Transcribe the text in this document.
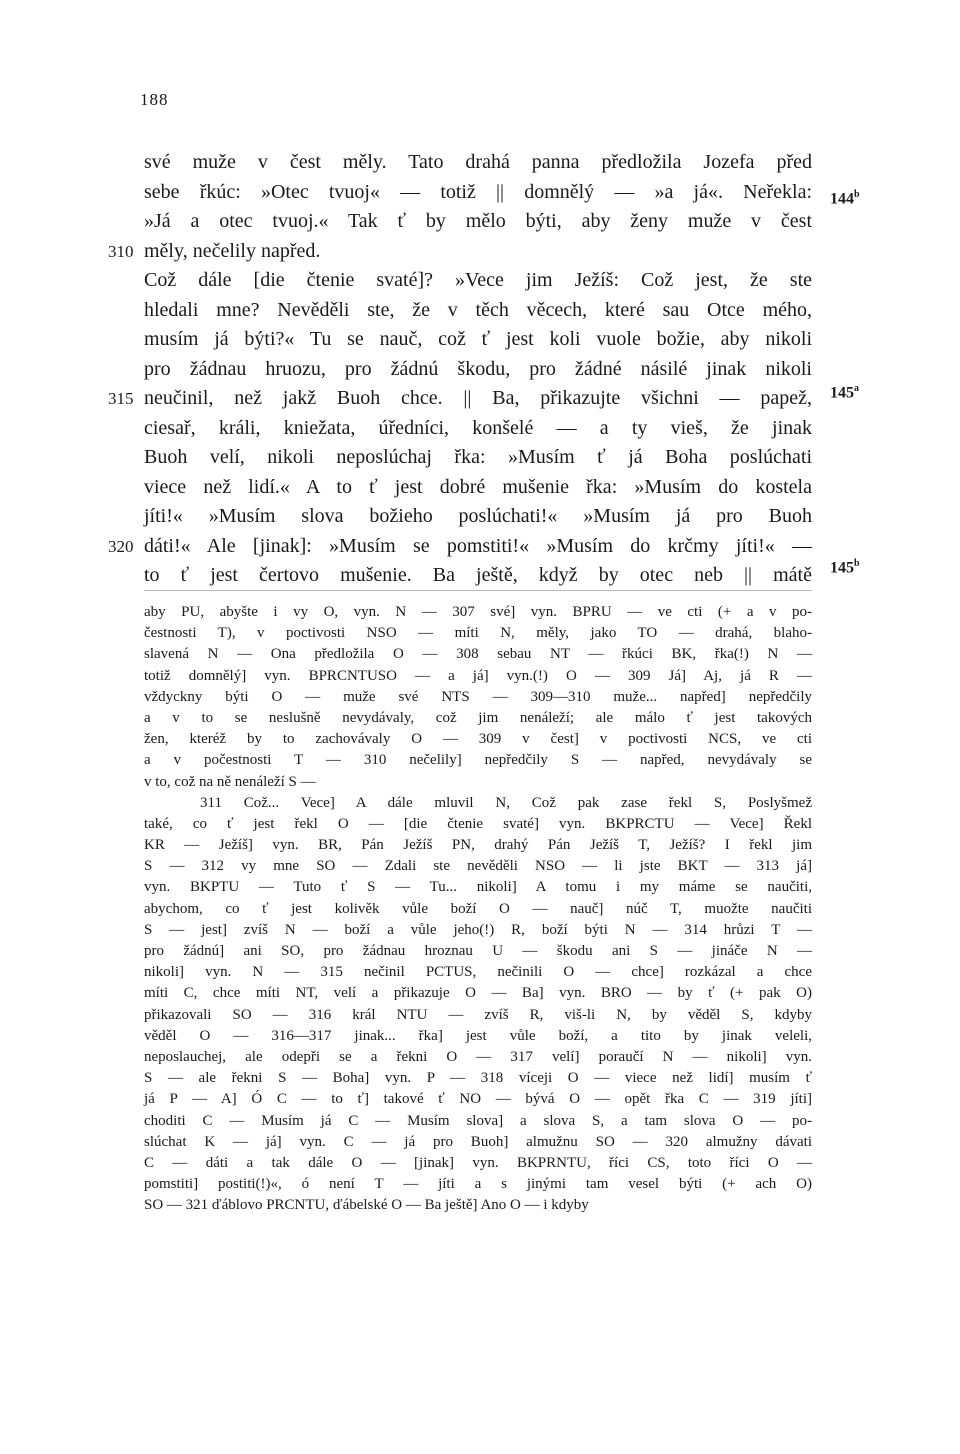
188
své muže v čest měly. Tato drahá panna předložila Jozefa před
sebe řkúc: »Otec tvuoj« — totiž || domnělý — »a já«. Neřekla:
»Já a otec tvuoj.« Tak ť by mělo býti, aby ženy muže v čest
310 měly, nečelily napřed.
Což dále [die čtenie svaté]? »Vece jim Ježíš: Což jest, že ste
hledali mne? Nevěděli ste, že v těch věcech, které sau Otce mého,
musím já býti?« Tu se nauč, což ť jest koli vuole božie, aby nikoli
pro žádnau hruozu, pro žádnú škodu, pro žádné násilé jinak nikoli
315 neučinil, než jakž Buoh chce. || Ba, přikazujte všichni — papež,
ciesař, králi, kniežata, úředníci, konšelé — a ty vieš, že jinak
Buoh velí, nikoli neposlúchaj řka: »Musím ť já Boha poslúchati
viece než lidí.« A to ť jest dobré mušenie řka: »Musím do kostela
jíti!« »Musím slova božieho poslúchati!« »Musím já pro Buoh
320 dáti!« Ale [jinak]: »Musím se pomstiti!« »Musím do krčmy jíti!« —
to ť jest čertovo mušenie. Ba ještě, když by otec neb || mátě
144$^b$
145$^a$
145$^b$
aby PU, abyšte i vy O, vyn. N — 307 své] vyn. BPRU — ve cti (+ a v po-
čestnosti T), v poctivosti NSO — míti N, měly, jako TO — drahá, blaho-
slavená N — Ona předložila O — 308 sebau NT — řkúci BK, řka(!) N —
totiž domnělý] vyn. BPRCNTUSO — a já] vyn.(!) O — 309 Já] Aj, já R —
vždyckny býti O — muže své NTS — 309—310 muže... napřed] nepředčily
a v to se neslušně nevydávaly, což jim nenáleží; ale málo ť jest takových
žen, kteréž by to zachovávaly O — 309 v čest] v poctivosti NCS, ve cti
a v počestnosti T — 310 nečelily] nepředčily S — napřed, nevydávaly se
v to, což na ně nenáleží S —
311 Což... Vece] A dále mluvil N, Což pak zase řekl S, Poslyšmež
také, co ť jest řekl O — [die čtenie svaté] vyn. BKPRCTU — Vece] Řekl
KR — Ježíš] vyn. BR, Pán Ježíš PN, drahý Pán Ježíš T, Ježíš? I řekl jim
S — 312 vy mne SO — Zdali ste nevěděli NSO — li jste BKT — 313 já]
vyn. BKPTU — Tuto ť S — Tu... nikoli] A tomu i my máme se naučiti,
abychom, co ť jest kolivěk vůle boží O — nauč] núč T, muožte naučiti
S — jest] zvíš N — boží a vůle jeho(!) R, boží býti N — 314 hrůzi T —
pro žádnú] ani SO, pro žádnau hroznau U — škodu ani S — jináče N —
nikoli] vyn. N — 315 nečinil PCTUS, nečinili O — chce] rozkázal a chce
míti C, chce míti NT, velí a přikazuje O — Ba] vyn. BRO — by ť (+ pak O)
přikazovali SO — 316 král NTU — zvíš R, viš-li N, by věděl S, kdyby
věděl O — 316—317 jinak... řka] jest vůle boží, a tito by jinak veleli,
neposlauchej, ale odepři se a řekni O — 317 velí] poraučí N — nikoli] vyn.
S — ale řekni S — Boha] vyn. P — 318 víceji O — viece než lidí] musím ť
já P — A] Ó C — to ť] takové ť NO — bývá O — opět řka C — 319 jíti]
choditi C — Musím já C — Musím slova] a slova S, a tam slova O — po-
slúchat K — já] vyn. C — já pro Buoh] almužnu SO — 320 almužny dávati
C — dáti a tak dále O — [jinak] vyn. BKPRNTU, říci CS, toto říci O —
pomstiti] postiti(!)«, ó není T — jíti a s jinými tam vesel býti (+ ach O)
SO — 321 ďáblovo PRCNTU, ďábelské O — Ba ještě] Ano O — i kdyby
